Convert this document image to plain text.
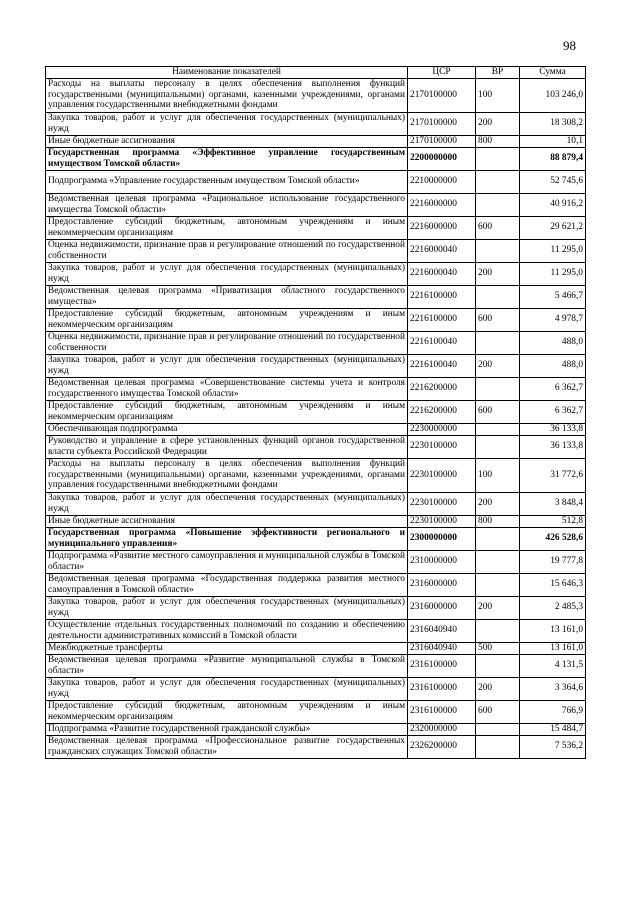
98
Наименование показателей	ЦСР	ВР	Сумма
Расходы на выплаты персоналу в целях обеспечения выполнения функций государственными (муниципальными) органами, казенными учреждениями, органами управления государственными внебюджетными фондами	2170100000	100	103 246,0
Закупка товаров, работ и услуг для обеспечения государственных (муниципальных) нужд	2170100000	200	18 308,2
Иные бюджетные ассигнования	2170100000	800	10,1
Государственная программа «Эффективное управление государственным имуществом Томской области»	2200000000		88 879,4
Подпрограмма «Управление государственным имуществом Томской области»	2210000000		52 745,6
Ведомственная целевая программа «Рациональное использование государственного имущества Томской области»	2216000000		40 916,2
Предоставление субсидий бюджетным, автономным учреждениям и иным некоммерческим организациям	2216000000	600	29 621,2
Оценка недвижимости, признание прав и регулирование отношений по государственной собственности	2216000040		11 295,0
Закупка товаров, работ и услуг для обеспечения государственных (муниципальных) нужд	2216000040	200	11 295,0
Ведомственная целевая программа «Приватизация областного государственного имущества»	2216100000		5 466,7
Предоставление субсидий бюджетным, автономным учреждениям и иным некоммерческим организациям	2216100000	600	4 978,7
Оценка недвижимости, признание прав и регулирование отношений по государственной собственности	2216100040		488,0
Закупка товаров, работ и услуг для обеспечения государственных (муниципальных) нужд	2216100040	200	488,0
Ведомственная целевая программа «Совершенствование системы учета и контроля государственного имущества Томской области»	2216200000		6 362,7
Предоставление субсидий бюджетным, автономным учреждениям и иным некоммерческим организациям	2216200000	600	6 362,7
Обеспечивающая подпрограмма	2230000000		36 133,8
Руководство и управление в сфере установленных функций органов государственной власти субъекта Российской Федерации	2230100000		36 133,8
Расходы на выплаты персоналу в целях обеспечения выполнения функций государственными (муниципальными) органами, казенными учреждениями, органами управления государственными внебюджетными фондами	2230100000	100	31 772,6
Закупка товаров, работ и услуг для обеспечения государственных (муниципальных) нужд	2230100000	200	3 848,4
Иные бюджетные ассигнования	2230100000	800	512,8
Государственная программа «Повышение эффективности регионального и муниципального управления»	2300000000		426 528,6
Подпрограмма «Развитие местного самоуправления и муниципальной службы в Томской области»	2310000000		19 777,8
Ведомственная целевая программа «Государственная поддержка развития местного самоуправления в Томской области»	2316000000		15 646,3
Закупка товаров, работ и услуг для обеспечения государственных (муниципальных) нужд	2316000000	200	2 485,3
Осуществление отдельных государственных полномочий по созданию и обеспечению деятельности административных комиссий в Томской области	2316040940		13 161,0
Межбюджетные трансферты	2316040940	500	13 161,0
Ведомственная целевая программа «Развитие муниципальной службы в Томской области»	2316100000		4 131,5
Закупка товаров, работ и услуг для обеспечения государственных (муниципальных) нужд	2316100000	200	3 364,6
Предоставление субсидий бюджетным, автономным учреждениям и иным некоммерческим организациям	2316100000	600	766,9
Подпрограмма «Развитие государственной гражданской службы»	2320000000		15 484,7
Ведомственная целевая программа «Профессиональное развитие государственных гражданских служащих Томской области»	2326200000		7 536,2
